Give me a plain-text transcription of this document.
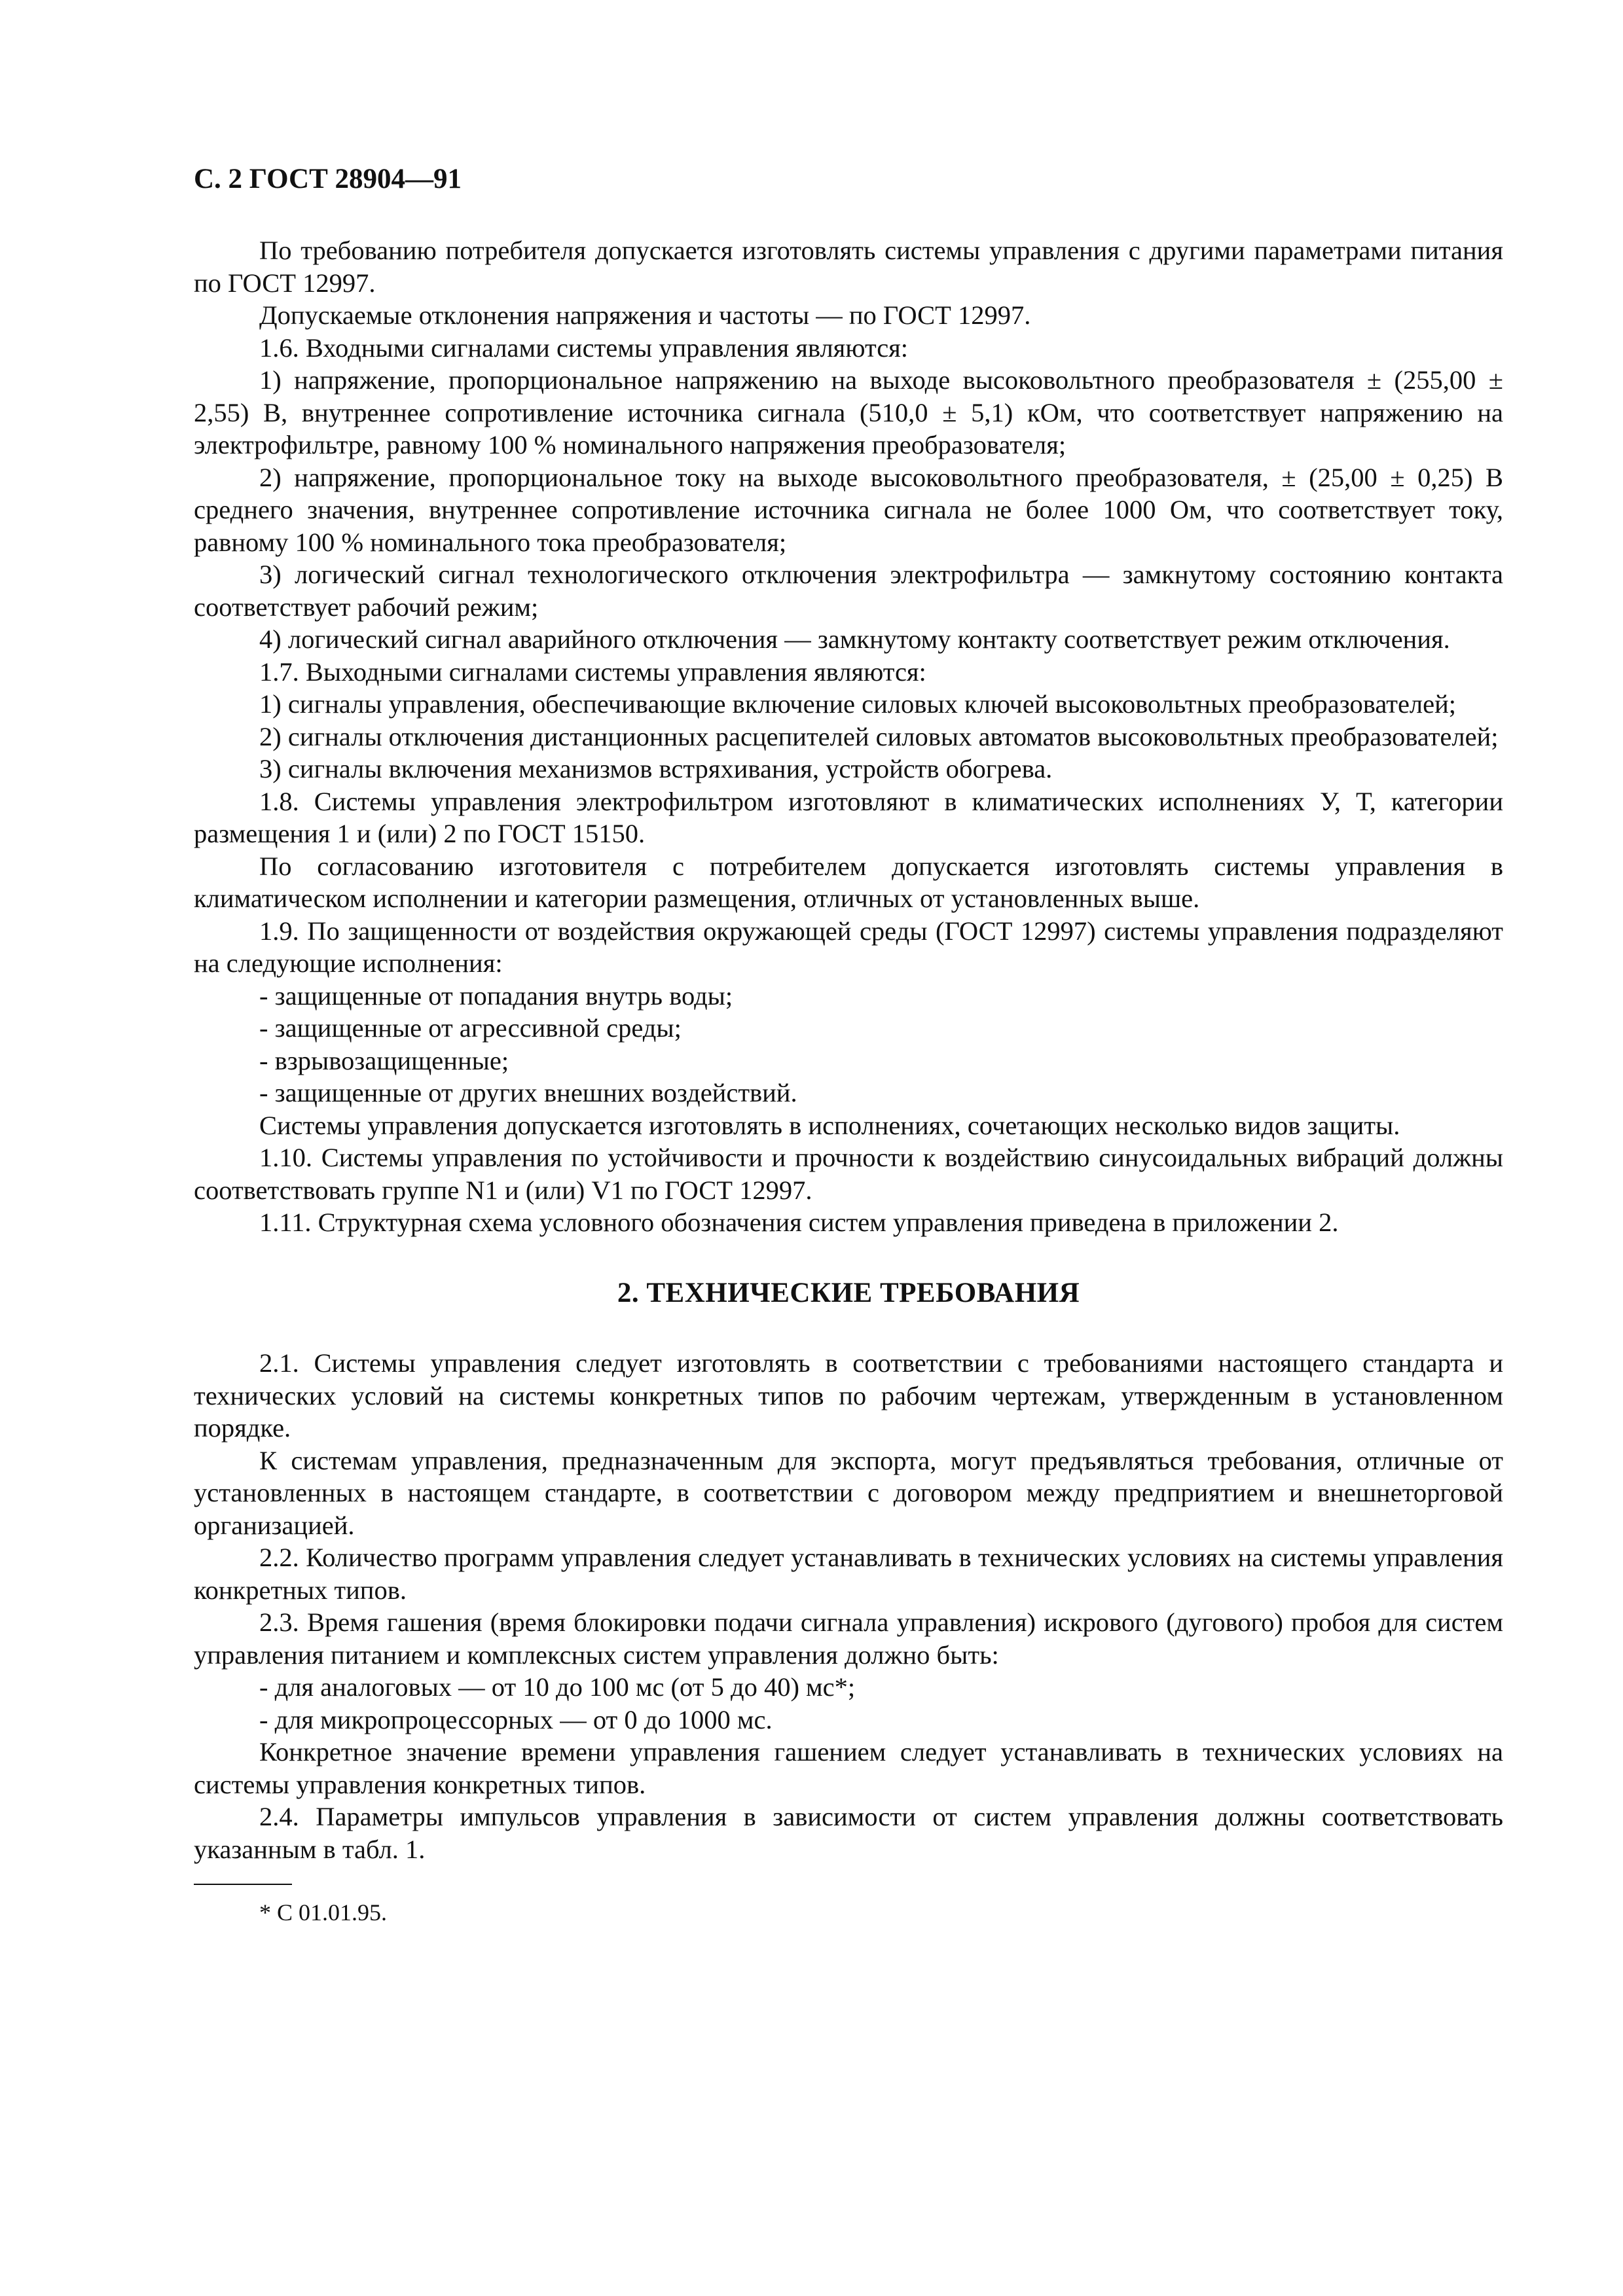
С. 2 ГОСТ 28904—91

По требованию потребителя допускается изготовлять системы управления с другими параметрами питания по ГОСТ 12997.

Допускаемые отклонения напряжения и частоты — по ГОСТ 12997.

1.6. Входными сигналами системы управления являются:

1) напряжение, пропорциональное напряжению на выходе высоковольтного преобразователя ± (255,00 ± 2,55) В, внутреннее сопротивление источника сигнала (510,0 ± 5,1) кОм, что соответствует напряжению на электрофильтре, равному 100 % номинального напряжения преобразователя;

2) напряжение, пропорциональное току на выходе высоковольтного преобразователя, ± (25,00 ± 0,25) В среднего значения, внутреннее сопротивление источника сигнала не более 1000 Ом, что соответствует току, равному 100 % номинального тока преобразователя;

3) логический сигнал технологического отключения электрофильтра — замкнутому состоянию контакта соответствует рабочий режим;

4) логический сигнал аварийного отключения — замкнутому контакту соответствует режим отключения.

1.7. Выходными сигналами системы управления являются:

1) сигналы управления, обеспечивающие включение силовых ключей высоковольтных преобразователей;

2) сигналы отключения дистанционных расцепителей силовых автоматов высоковольтных преобразователей;

3) сигналы включения механизмов встряхивания, устройств обогрева.

1.8. Системы управления электрофильтром изготовляют в климатических исполнениях У, Т, категории размещения 1 и (или) 2 по ГОСТ 15150.

По согласованию изготовителя с потребителем допускается изготовлять системы управления в климатическом исполнении и категории размещения, отличных от установленных выше.

1.9. По защищенности от воздействия окружающей среды (ГОСТ 12997) системы управления подразделяют на следующие исполнения:

- защищенные от попадания внутрь воды;

- защищенные от агрессивной среды;

- взрывозащищенные;

- защищенные от других внешних воздействий.

Системы управления допускается изготовлять в исполнениях, сочетающих несколько видов защиты.

1.10. Системы управления по устойчивости и прочности к воздействию синусоидальных вибраций должны соответствовать группе N1 и (или) V1 по ГОСТ 12997.

1.11. Структурная схема условного обозначения систем управления приведена в приложении 2.

2. ТЕХНИЧЕСКИЕ ТРЕБОВАНИЯ

2.1. Системы управления следует изготовлять в соответствии с требованиями настоящего стандарта и технических условий на системы конкретных типов по рабочим чертежам, утвержденным в установленном порядке.

К системам управления, предназначенным для экспорта, могут предъявляться требования, отличные от установленных в настоящем стандарте, в соответствии с договором между предприятием и внешнеторговой организацией.

2.2. Количество программ управления следует устанавливать в технических условиях на системы управления конкретных типов.

2.3. Время гашения (время блокировки подачи сигнала управления) искрового (дугового) пробоя для систем управления питанием и комплексных систем управления должно быть:

- для аналоговых — от 10 до 100 мс (от 5 до 40) мс*;

- для микропроцессорных — от 0 до 1000 мс.

Конкретное значение времени управления гашением следует устанавливать в технических условиях на системы управления конкретных типов.

2.4. Параметры импульсов управления в зависимости от систем управления должны соответствовать указанным в табл. 1.

* С 01.01.95.
